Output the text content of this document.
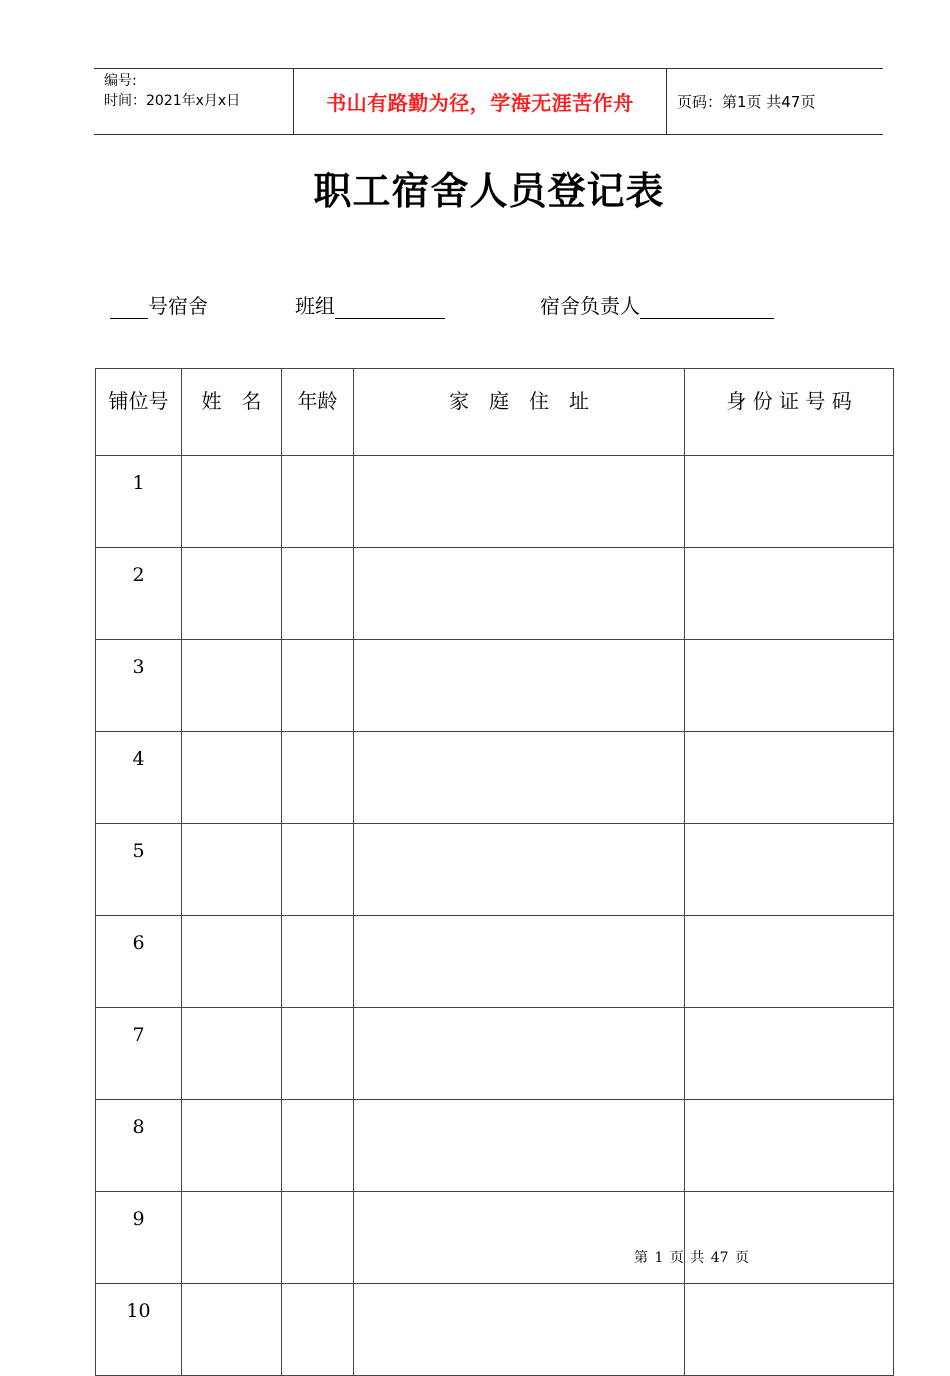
编号:
时间：2021年x月x日	书山有路勤为径，学海无涯苦作舟	页码：第1页 共47页
职工宿舍人员登记表
号宿舍	班组	宿舍负责人
铺位号	姓　名	年龄	家　庭　住　址	身 份 证 号 码
1				
2				
3				
4				
5				
6				
7				
8				
9				
10				
第 1 页 共 47 页
